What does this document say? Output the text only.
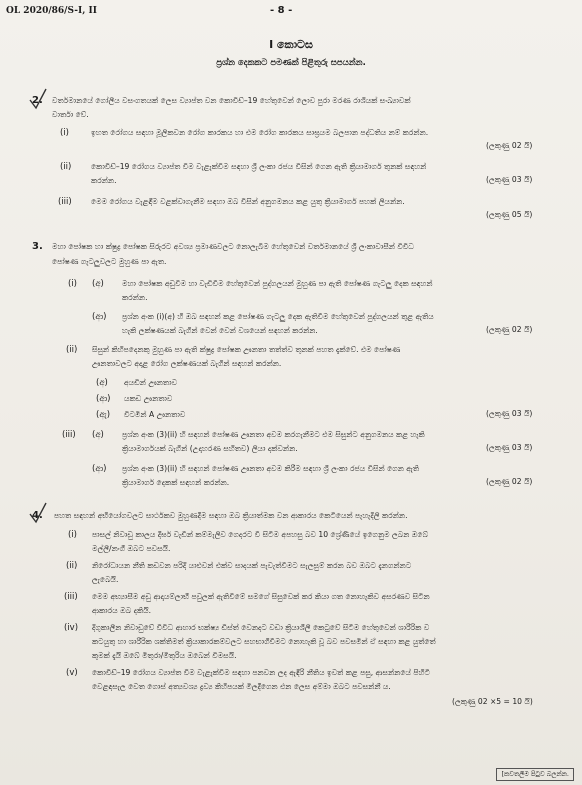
OL 2020/86/S-I, II	- 8 -
I කොටස
ප්‍රශ්න දෙකකට පමණක් පිළිතුරු සපයන්න.
2. වර්තමානයේ ගෝලීය වසංගතයක් ලෙස ව්‍යාප්ත වන කොවිඩ්–19 හේතුවෙන් ලොව පුරා මරණ රාශියක් සංඛ්‍යාවක්
වාර්තා වේ.
(i)	ඉහත රෝගය සඳහා මූලිකවන රෝග කාරකය හා එම රෝග කාරකය සාඝ්‍රයම බලපාන පද්ධතිය නම් කරන්න.
(ලකුණු 02 යි)
(ii)	කොවිඩ්–19 රෝගය ව්‍යාප්ත වීම වැළැක්වීම සඳහා ශ්‍රී ලංකා රජය විසින් ගෙන ඇති ක්‍රියාමාර්ග තුනක් සඳහන්
කරන්න.	(ලකුණු 03 යි)
(iii)	මෙම රෝගය වැළඳීම වළක්වාගැනීම සඳහා ඔබ විසින් අනුගමනය කළ යුතු ක්‍රියාමාර්ග පහක් ලියන්න.
(ලකුණු 05 යි)
3. මහා පෝෂක හා ක්ෂුද්‍ර පෝෂක සිරුරට අවශ්‍ය ප්‍රමාණවලට නොලැබීම හේතුවෙන් වර්තමානයේ ශ්‍රී ලංකාවාසීන් විවිධ
පෝෂණ ගැටලුවලට මුහුණ පා ඇත.
(i) (අ) මහා පෝෂක අඩුවීම හා වැඩිවීම හේතුවෙන් පුද්ගලයන් මුහුණ පා ඇති පෝෂණ ගැටලු දෙක සඳහන්
කරන්න.
(ආ) ප්‍රශ්න අංක (i)(අ) හි ඔබ සඳහන් කළ පෝෂණ ගැටලු දෙක ඇතිවීම හේතුවෙන් පුද්ගලයන් තුළ ඇතිය
හැකි ලක්ෂණයක් බැගින් වෙන් වෙන් වශයෙන් සඳහන් කරන්න.	(ලකුණු 02 යි)
(ii) සිසුන් කිහිපදෙනකු මුහුණ පා ඇති ක්ෂුද්‍ර පෝෂක ඌනතා තත්ත්ව තුනක් පහත දැක්වේ. එම පෝෂණ
ඌනතාවලට අදාළ රෝග ලක්ෂණයක් බැගින් සඳහන් කරන්න.
(අ) අයඩින් ඌනතාව
(ආ) යකඩ ඌනතාව
(ඇ) විටමින් A ඌනතාව	(ලකුණු 03 යි)
(iii) (අ) ප්‍රශ්න අංක (3)(ii) හි සඳහන් පෝෂණ ඌනතා අවම කරගැනීමට එම සිසුන්ට අනුගමනය කළ හැකි
ක්‍රියාමාර්ගයක් බැගින් (උදාහරණ සහිතව) ලියා දක්වන්න.	(ලකුණු 03 යි)
(ආ) ප්‍රශ්න අංක (3)(ii) හි සඳහන් පෝෂණ ඌනතා අවම කිරීම සඳහා ශ්‍රී ලංකා රජය විසින් ගෙන ඇති
ක්‍රියාමාර්ග දෙකක් සඳහන් කරන්න.	(ලකුණු 02 යි)
4. පහත සඳහන් අභියෝගවලට සාර්ථකව මුහුණදීම සඳහා ඔබ ක්‍රියාත්මක වන ආකාරය කෙටියෙන් පැහැදිලි කරන්න.
(i) පාසල් නිවාඩු කාලය දීර්ඝ වැඩීන් කම්මැලිව ගෙදරට වී සිටීම අපහසු බව 10 ශ්‍රේණියේ ඉගෙනුම ලබන ඔබේ
මල්ලී/නංගී ඔබට පවසයි.
(ii) නිරෝධායන නීති කඩවන පරිදි යාළුවන් එක්ව සාදයක් පැවැත්වීමට සැලසුම් කරන බව ඔබට දැනගන්නට
ලැබෙයි.
(iii) මෙම අභ්‍යාසීම අඩු ආදායම්ලාභී පවුලක් ඇතිවීමේ සමගේ සිසුවෙක් කර කියා ගත නොහැකිව අසරණව සිටින
ආකාරය ඔබ දකියි.
(iv) දිගුකාලීන නිවාඩුවේ විවිධ ආහාර භක්ෂ්‍ය ඩිස්ත් වෙනදට වඩා ක්‍රියාශීලී කෙටුවේ සිටීම හේතුවෙන් ශාරීරික ව
කටයුතු හා ශාරීරික ශක්තිමත් ක්‍රියාකාරකම්වලට සහභාගීවීමට නොහැකි වූ බව පවසමින් ඒ සඳහා කළ යුත්තේ
කුමක් දැයි ඔබේ මිතුරා/මිතුරිය ඔබෙන් විමසයි.
(v) කොවිඩ්–19 රෝගය ව්‍යාප්ත වීම වැළැක්වීම සඳහා පනවන ලද ඇඳිරි නීතිය ඉවත් කළ පසු, ආසන්නයේ පිහිටි
වෙළඳසැල වෙත ගොස් අත්‍යවශ්‍ය ද්‍රව්‍ය කිහිපයක් මිලදීගෙන එන ලෙස අම්මා ඔබට පවසන්නී ය.
(ලකුණු 02 ×5 = 10 යි)
[කවතලීම පිටුව බලන්න.
